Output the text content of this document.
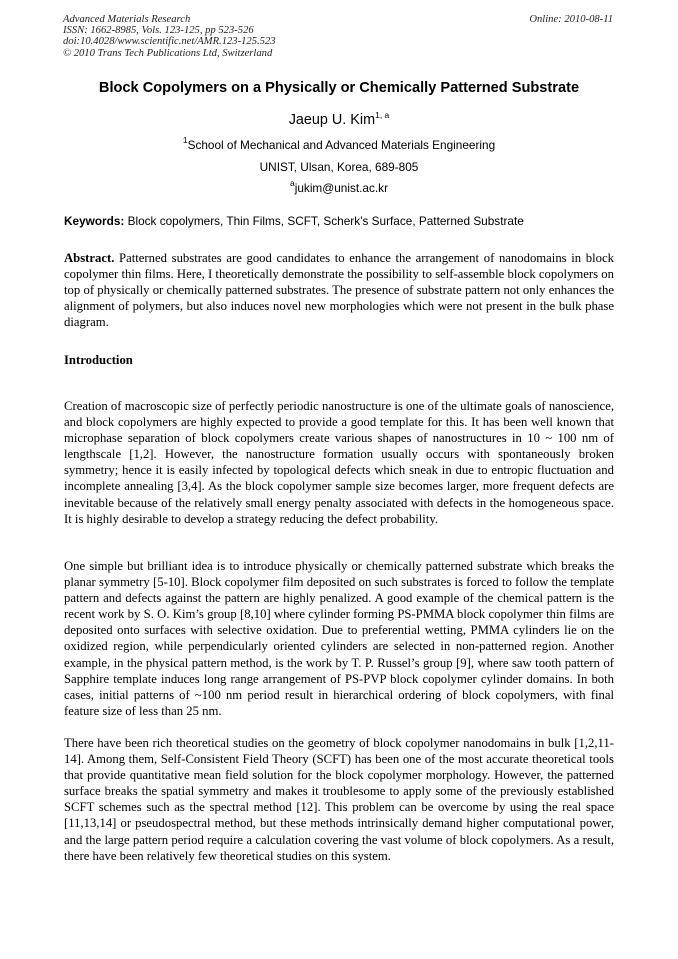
Advanced Materials Research
ISSN: 1662-8985, Vols. 123-125, pp 523-526
doi:10.4028/www.scientific.net/AMR.123-125.523
© 2010 Trans Tech Publications Ltd, Switzerland
Online: 2010-08-11
Block Copolymers on a Physically or Chemically Patterned Substrate
Jaeup U. Kim$^{1, a}$
$^1$School of Mechanical and Advanced Materials Engineering
UNIST, Ulsan, Korea, 689-805
$^a$jukim@unist.ac.kr
Keywords: Block copolymers, Thin Films, SCFT, Scherk’s Surface, Patterned Substrate
Abstract. Patterned substrates are good candidates to enhance the arrangement of nanodomains in block copolymer thin films. Here, I theoretically demonstrate the possibility to self-assemble block copolymers on top of physically or chemically patterned substrates. The presence of substrate pattern not only enhances the alignment of polymers, but also induces novel new morphologies which were not present in the bulk phase diagram.
Introduction
Creation of macroscopic size of perfectly periodic nanostructure is one of the ultimate goals of nanoscience, and block copolymers are highly expected to provide a good template for this. It has been well known that microphase separation of block copolymers create various shapes of nanostructures in 10 ~ 100 nm of lengthscale [1,2]. However, the nanostructure formation usually occurs with spontaneously broken symmetry; hence it is easily infected by topological defects which sneak in due to entropic fluctuation and incomplete annealing [3,4]. As the block copolymer sample size becomes larger, more frequent defects are inevitable because of the relatively small energy penalty associated with defects in the homogeneous space. It is highly desirable to develop a strategy reducing the defect probability.
One simple but brilliant idea is to introduce physically or chemically patterned substrate which breaks the planar symmetry [5-10]. Block copolymer film deposited on such substrates is forced to follow the template pattern and defects against the pattern are highly penalized. A good example of the chemical pattern is the recent work by S. O. Kim’s group [8,10] where cylinder forming PS-PMMA block copolymer thin films are deposited onto surfaces with selective oxidation. Due to preferential wetting, PMMA cylinders lie on the oxidized region, while perpendicularly oriented cylinders are selected in non-patterned region. Another example, in the physical pattern method, is the work by T. P. Russel’s group [9], where saw tooth pattern of Sapphire template induces long range arrangement of PS-PVP block copolymer cylinder domains. In both cases, initial patterns of ~100 nm period result in hierarchical ordering of block copolymers, with final feature size of less than 25 nm.
There have been rich theoretical studies on the geometry of block copolymer nanodomains in bulk [1,2,11-14]. Among them, Self-Consistent Field Theory (SCFT) has been one of the most accurate theoretical tools that provide quantitative mean field solution for the block copolymer morphology. However, the patterned surface breaks the spatial symmetry and makes it troublesome to apply some of the previously established SCFT schemes such as the spectral method [12]. This problem can be overcome by using the real space [11,13,14] or pseudospectral method, but these methods intrinsically demand higher computational power, and the large pattern period require a calculation covering the vast volume of block copolymers. As a result, there have been relatively few theoretical studies on this system.
